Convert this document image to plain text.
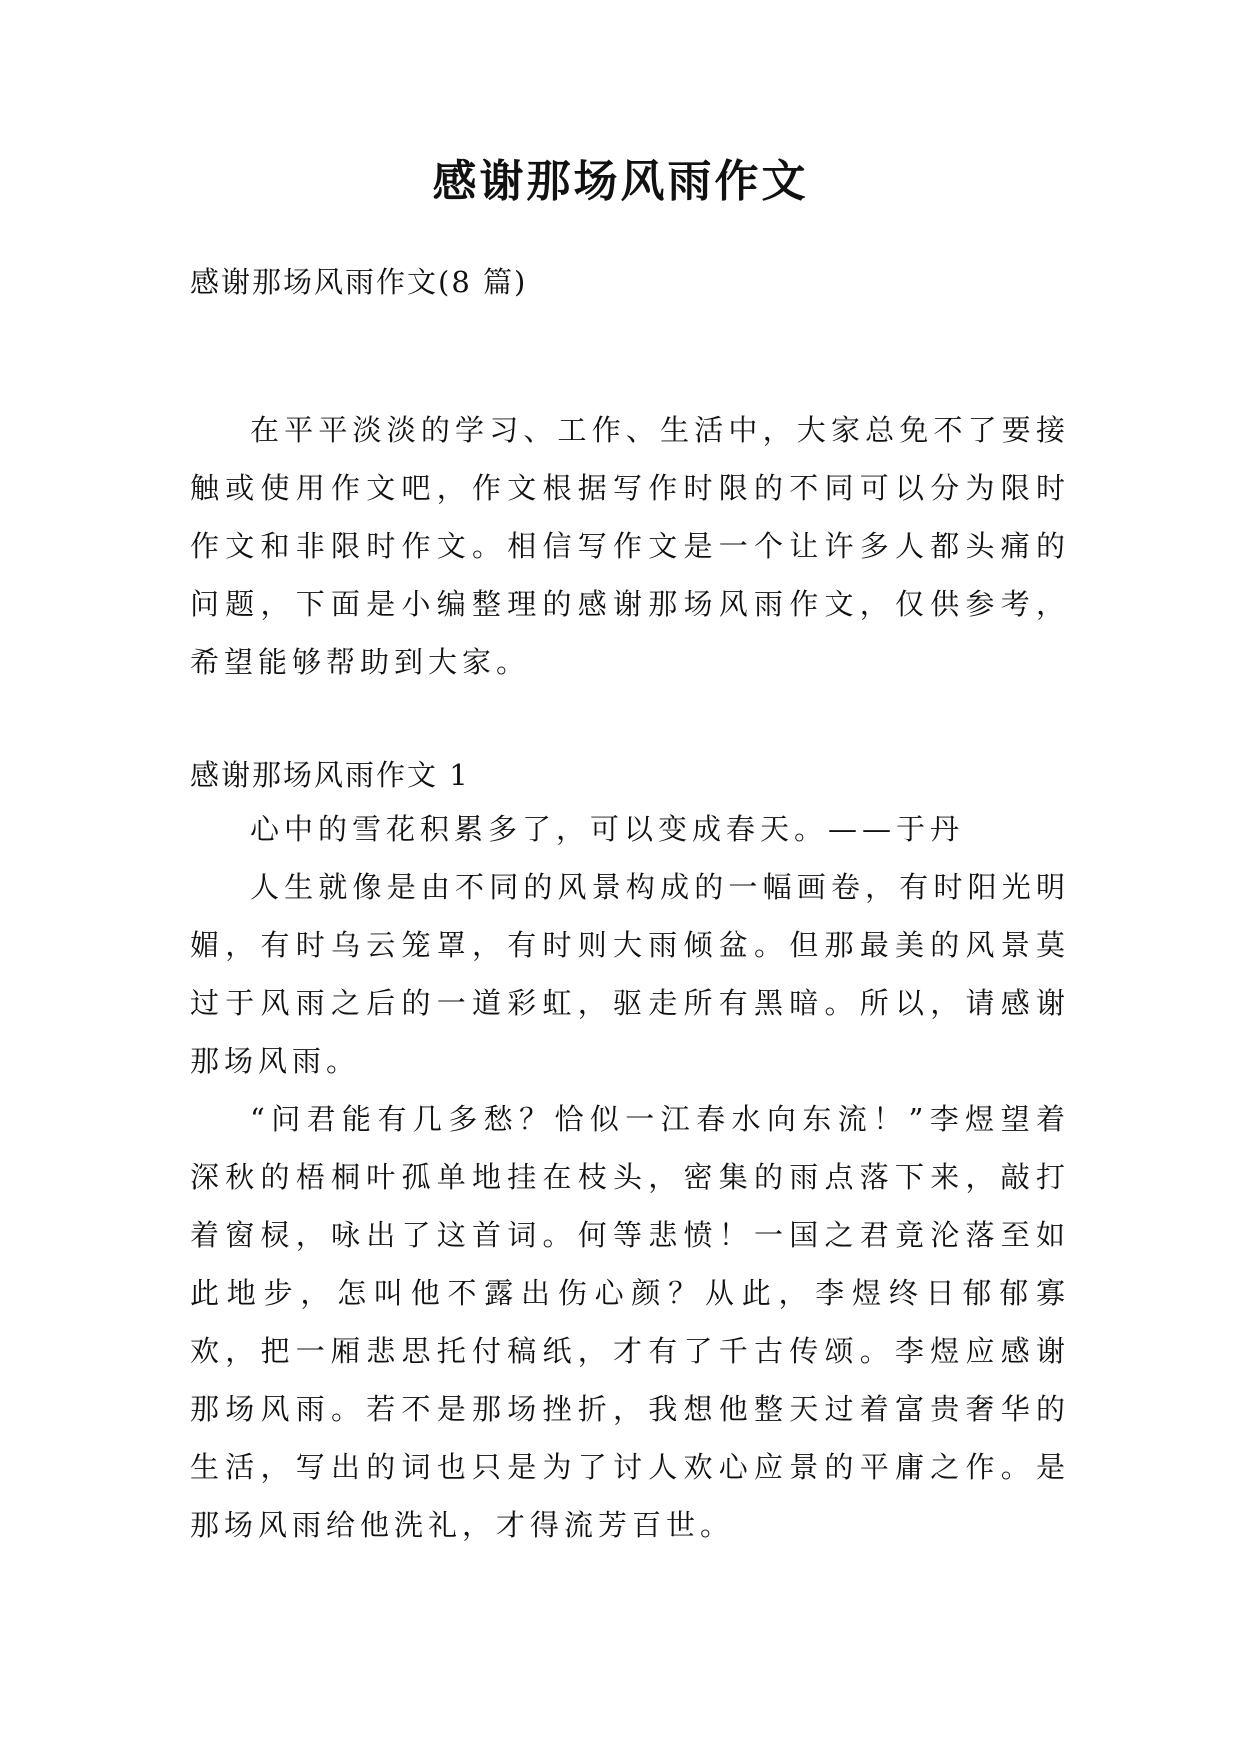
感谢那场风雨作文

感谢那场风雨作文(8 篇)

在平平淡淡的学习、工作、生活中，大家总免不了要接触或使用作文吧，作文根据写作时限的不同可以分为限时作文和非限时作文。相信写作文是一个让许多人都头痛的问题，下面是小编整理的感谢那场风雨作文，仅供参考，希望能够帮助到大家。

感谢那场风雨作文 1

心中的雪花积累多了，可以变成春天。——于丹

人生就像是由不同的风景构成的一幅画卷，有时阳光明媚，有时乌云笼罩，有时则大雨倾盆。但那最美的风景莫过于风雨之后的一道彩虹，驱走所有黑暗。所以，请感谢那场风雨。

“问君能有几多愁？恰似一江春水向东流！”李煜望着深秋的梧桐叶孤单地挂在枝头，密集的雨点落下来，敲打着窗棂，咏出了这首词。何等悲愤！一国之君竟沦落至如此地步，怎叫他不露出伤心颜？从此，李煜终日郁郁寡欢，把一厢悲思托付稿纸，才有了千古传颂。李煜应感谢那场风雨。若不是那场挫折，我想他整天过着富贵奢华的生活，写出的词也只是为了讨人欢心应景的平庸之作。是那场风雨给他洗礼，才得流芳百世。
